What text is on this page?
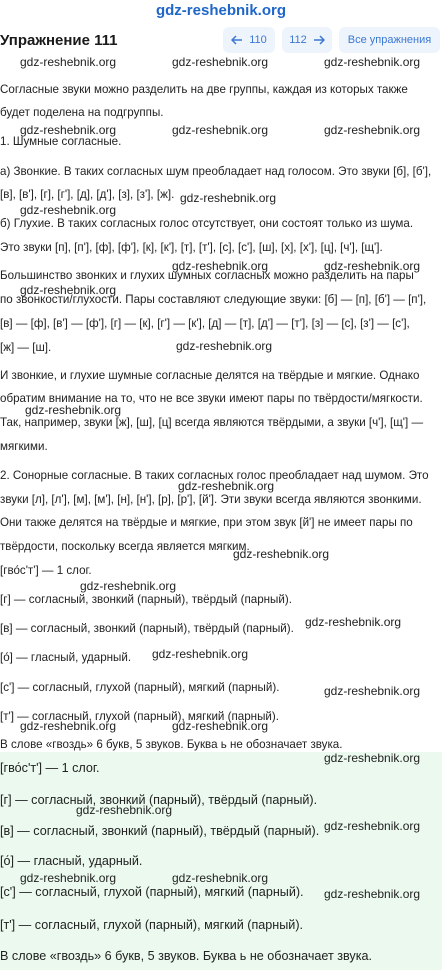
gdz-reshebnik.org
Упражнение 111	110 112	Все упражнения
Согласные звуки можно разделить на две группы, каждая из которых также
будет поделена на подгруппы.
1. Шумные согласные.
а) Звонкие. В таких согласных шум преобладает над голосом. Это звуки [б], [б'],
[в], [в'], [г], [г'], [д], [д'], [з], [з'], [ж].
б) Глухие. В таких согласных голос отсутствует, они состоят только из шума.
Это звуки [п], [п'], [ф], [ф'], [к], [к'], [т], [т'], [с], [с'], [ш], [х], [х'], [ц], [ч'], [щ'].
Большинство звонких и глухих шумных согласных можно разделить на пары
по звонкости/глухости. Пары составляют следующие звуки: [б] — [п], [б'] — [п'],
[в] — [ф], [в'] — [ф'], [г] — [к], [г'] — [к'], [д] — [т], [д'] — [т'], [з] — [с], [з'] — [с'],
[ж] — [ш].
И звонкие, и глухие шумные согласные делятся на твёрдые и мягкие. Однако
обратим внимание на то, что не все звуки имеют пары по твёрдости/мягкости.
Так, например, звуки [ж], [ш], [ц] всегда являются твёрдыми, а звуки [ч'], [щ'] —
мягкими.
2. Сонорные согласные. В таких согласных голос преобладает над шумом. Это
звуки [л], [л'], [м], [м'], [н], [н'], [р], [р'], [й']. Эти звуки всегда являются звонкими.
Они также делятся на твёрдые и мягкие, при этом звук [й'] не имеет пары по
твёрдости, поскольку всегда является мягким.
[гво́с'т'] — 1 слог.
[г] — согласный, звонкий (парный), твёрдый (парный).
[в] — согласный, звонкий (парный), твёрдый (парный).
[о́] — гласный, ударный.
[с'] — согласный, глухой (парный), мягкий (парный).
[т'] — согласный, глухой (парный), мягкий (парный).
В слове «гвоздь» 6 букв, 5 звуков. Буква ь не обозначает звука.
[гво́с'т'] — 1 слог.
[г] — согласный, звонкий (парный), твёрдый (парный).
[в] — согласный, звонкий (парный), твёрдый (парный).
[о́] — гласный, ударный.
[с'] — согласный, глухой (парный), мягкий (парный).
[т'] — согласный, глухой (парный), мягкий (парный).
В слове «гвоздь» 6 букв, 5 звуков. Буква ь не обозначает звука.
gdz-reshebnik.org	gdz-reshebnik.org	gdz-reshebnik.org
gdz-reshebnik.org	gdz-reshebnik.org	gdz-reshebnik.org
gdz-reshebnik.org
gdz-reshebnik.org
gdz-reshebnik.org	gdz-reshebnik.org
gdz-reshebnik.org
gdz-reshebnik.org
gdz-reshebnik.org
gdz-reshebnik.org
gdz-reshebnik.org
gdz-reshebnik.org
gdz-reshebnik.org
gdz-reshebnik.org
gdz-reshebnik.org
gdz-reshebnik.org	gdz-reshebnik.org
gdz-reshebnik.org
gdz-reshebnik.org
gdz-reshebnik.org
gdz-reshebnik.org	gdz-reshebnik.org
gdz-reshebnik.org
